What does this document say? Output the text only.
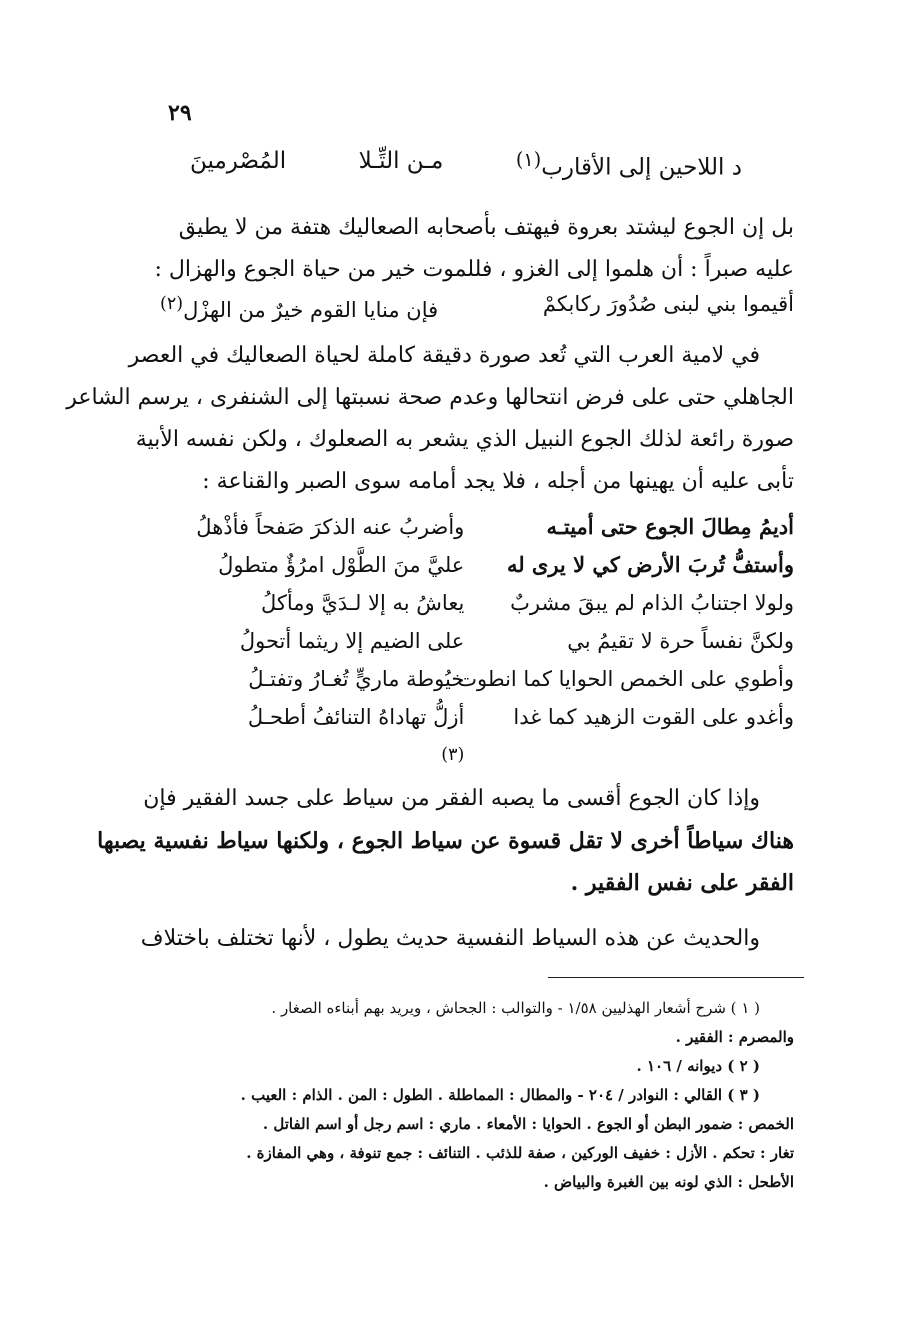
٢٩
د اللاحين إلى الأقارب$^{(١)}$
مـن التِّـلا
المُصْرمينَ
بل إن الجوع ليشتد بعروة فيهتف بأصحابه الصعاليك هتفة من لا يطيق
عليه صبراً : أن هلموا إلى الغزو ، فللموت خير من حياة الجوع والهزال :
أقيموا بني لبنى صُدُورَ ركابكمْ
فإن منايا القوم خيرٌ من الهزْل$^{(٢)}$
في لامية العرب التي تُعد صورة دقيقة كاملة لحياة الصعاليك في العصر
الجاهلي حتى على فرض انتحالها وعدم صحة نسبتها إلى الشنفرى ، يرسم الشاعر
صورة رائعة لذلك الجوع النبيل الذي يشعر به الصعلوك ، ولكن نفسه الأبية
تأبى عليه أن يهينها من أجله ، فلا يجد أمامه سوى الصبر والقناعة :
أديمُ مِطالَ الجوع حتى أميتـه
وأضربُ عنه الذكرَ صَفحاً فأذْهلُ
وأستفُّ تُربَ الأرض كي لا يرى له
عليَّ منَ الطَّوْل امرُؤٌ متطولُ
ولولا اجتنابُ الذام لم يبقَ مشربٌ
يعاشُ به إلا لـدَيَّ ومأكلُ
ولكنَّ نفساً حرة لا تقيمُ بي
على الضيم إلا ريثما أتحولُ
وأطوي على الخمص الحوايا كما انطوت
خيُوطة ماريٍّ تُغـارُ وتفتـلُ
وأغدو على القوت الزهيد كما غدا
أزلُّ تهاداهُ التنائفُ أطحـلُ
$^{(٣)}$
وإذا كان الجوع أقسى ما يصبه الفقر من سياط على جسد الفقير فإن
هناك سياطاً أخرى لا تقل قسوة عن سياط الجوع ، ولكنها سياط نفسية يصبها
الفقر على نفس الفقير .
والحديث عن هذه السياط النفسية حديث يطول ، لأنها تختلف باختلاف
( ١ ) شرح أشعار الهذليين ١/٥٨ - والتوالب : الجحاش ، ويريد بهم أبناءه الصغار .
والمصرم : الفقير .
( ٢ ) ديوانه / ١٠٦ .
( ٣ ) القالي : النوادر / ٢٠٤ - والمطال : المماطلة . الطول : المن . الذام : العيب .
الخمص : ضمور البطن أو الجوع . الحوايا : الأمعاء . ماري : اسم رجل أو اسم الفاتل .
تغار : تحكم . الأزل : خفيف الوركين ، صفة للذئب . التنائف : جمع تنوفة ، وهي المفازة .
الأطحل : الذي لونه بين الغبرة والبياض .
